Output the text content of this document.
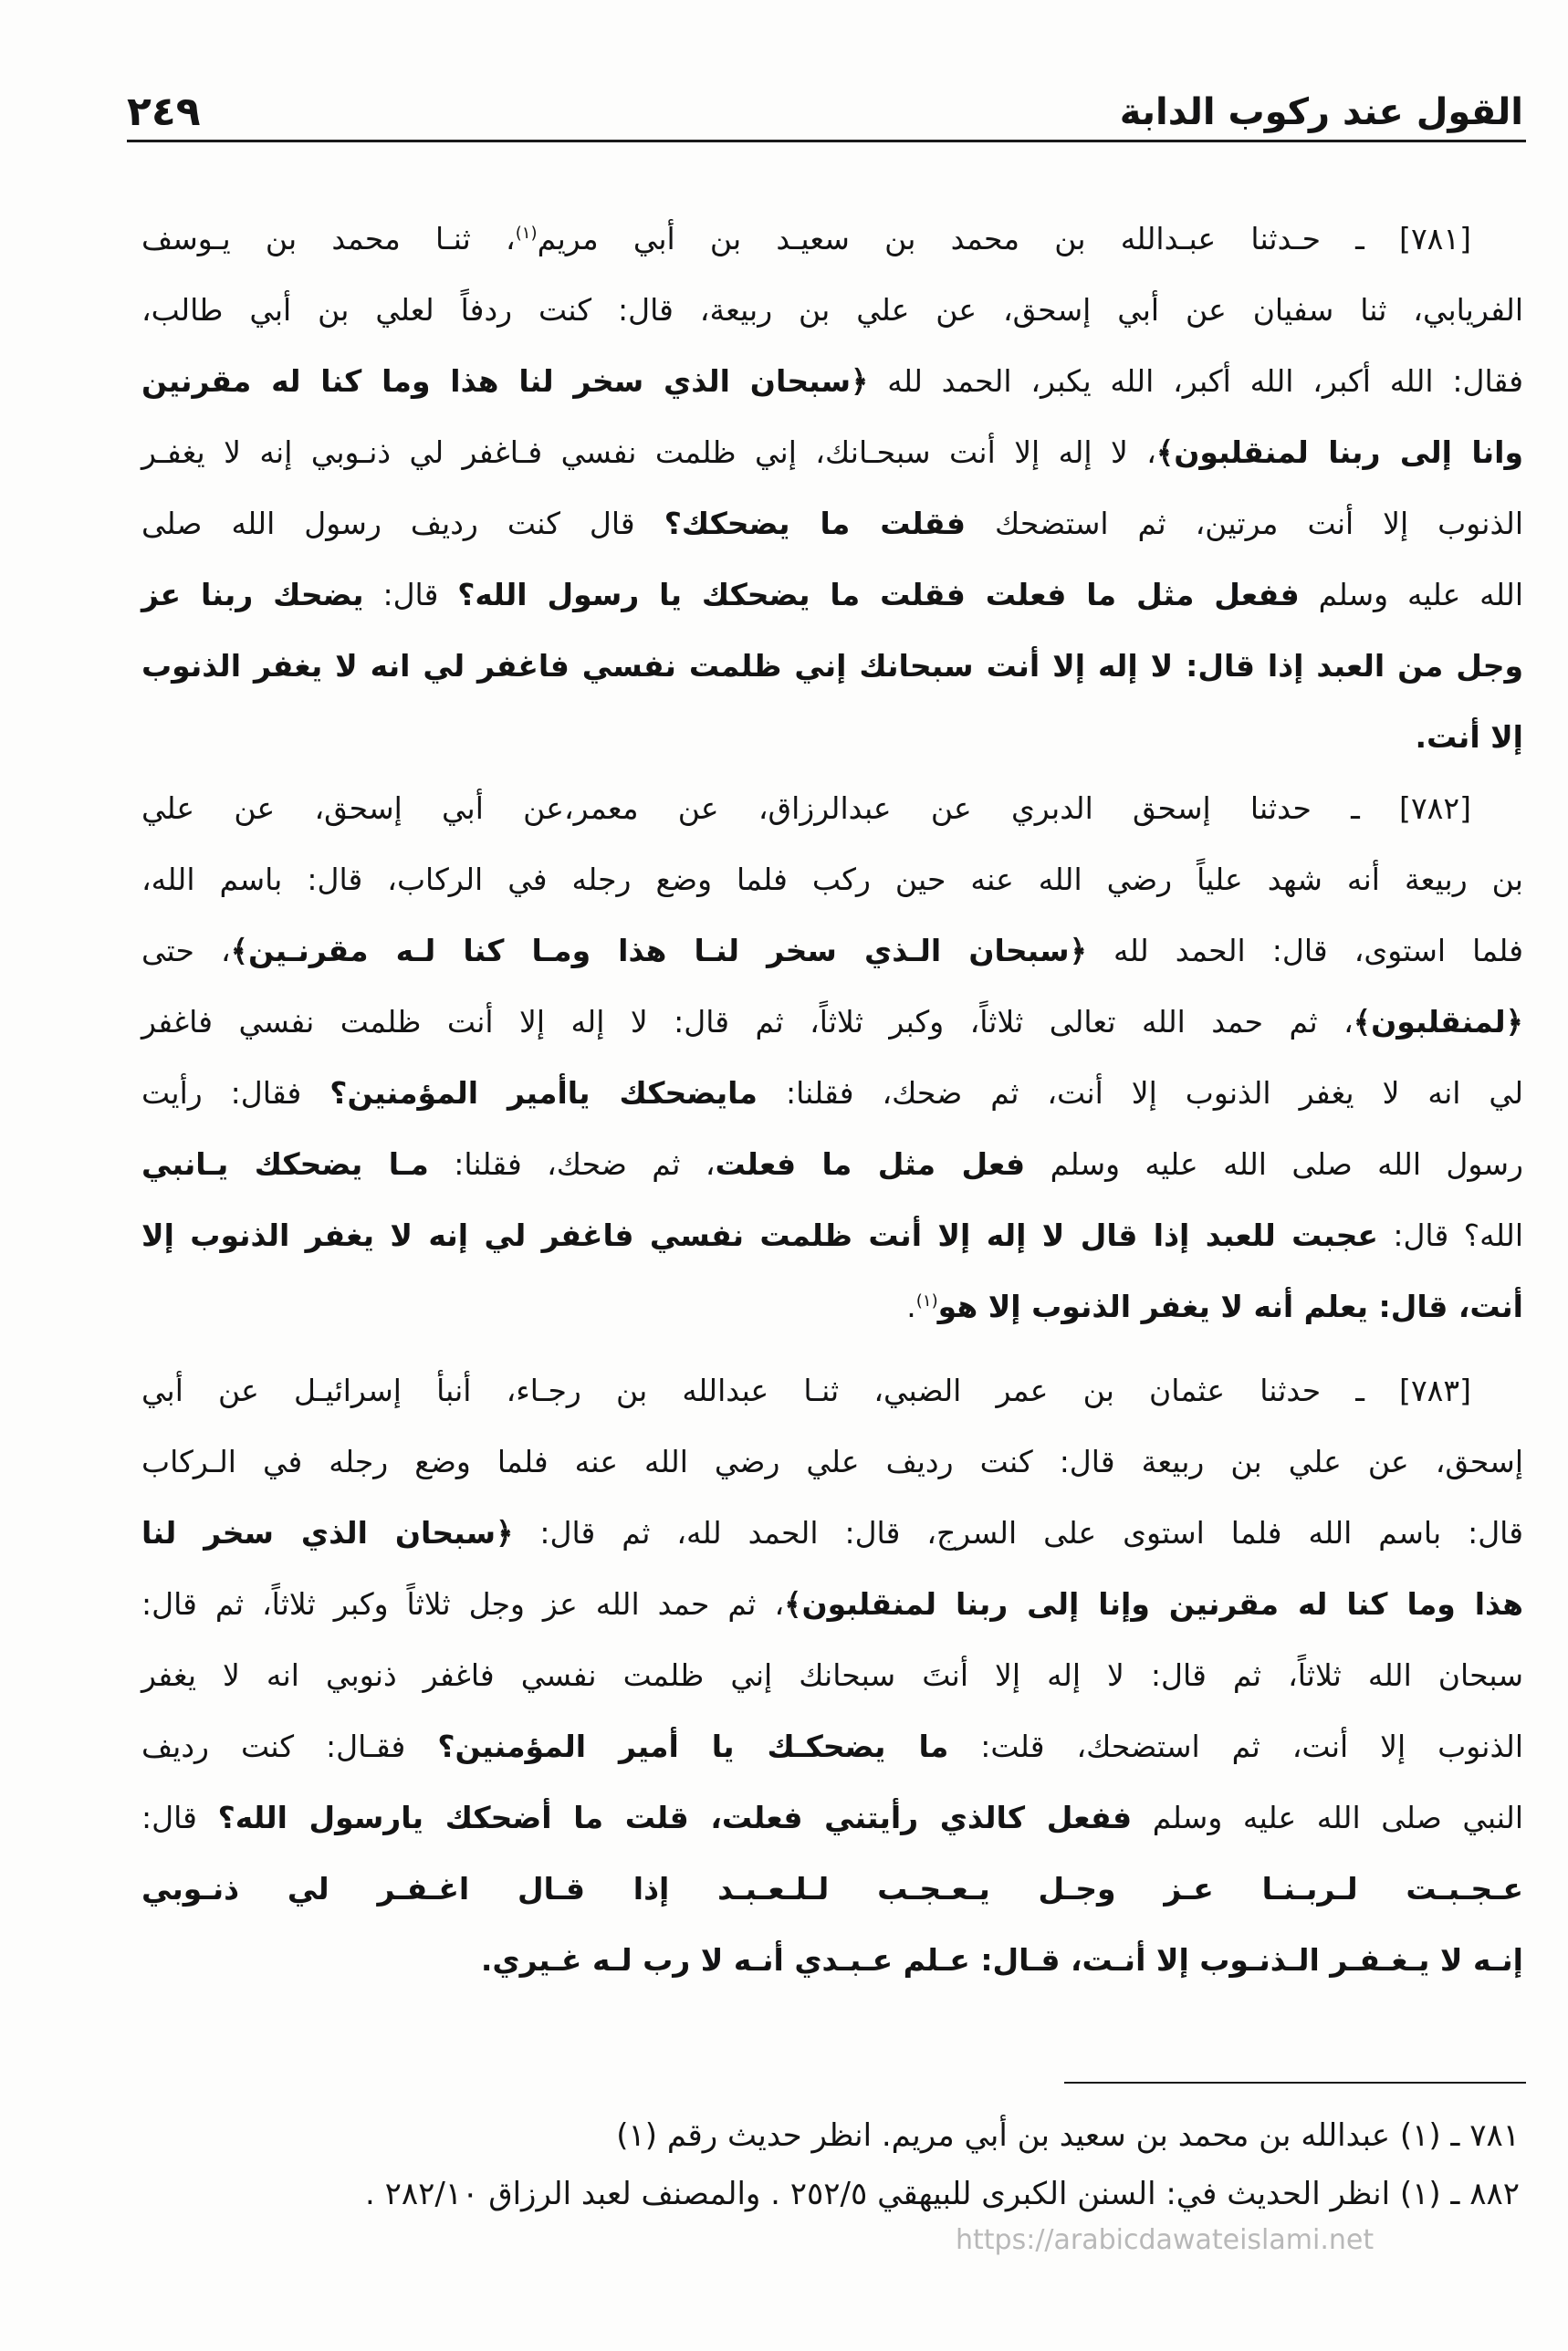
القول عند ركوب الدابة
٢٤٩
[٧٨١] ـ حـدثنا عبـدالله بن محمد بن سعيـد بن أبي مريم$^{(١)}$، ثنـا محمد بن يـوسف
الفريابي، ثنا سفيان عن أبي إسحق، عن علي بن ربيعة، قال: كنت ردفاً لعلي بن أبي طالب،
فقال: الله أكبر، الله أكبر، الله يكبر، الحمد لله ﴿سبحان الذي سخر لنا هذا وما كنا له مقرنين
وانا إلى ربنا لمنقلبون﴾، لا إله إلا أنت سبحـانك، إني ظلمت نفسي فـاغفر لي ذنـوبي إنه لا يغفـر
الذنوب إلا أنت مرتين، ثم استضحك فقلت ما يضحكك؟ قال كنت رديف رسول الله صلى
الله عليه وسلم ففعل مثل ما فعلت فقلت ما يضحكك يا رسول الله؟ قال: يضحك ربنا عز
وجل من العبد إذا قال: لا إله إلا أنت سبحانك إني ظلمت نفسي فاغفر لي انه لا يغفر الذنوب
إلا أنت.
[٧٨٢] ـ حدثنا إسحق الدبري عن عبدالرزاق، عن معمر،عن أبي إسحق، عن علي
بن ربيعة أنه شهد علياً رضي الله عنه حين ركب فلما وضع رجله في الركاب، قال: باسم الله،
فلما استوى، قال: الحمد لله ﴿سبحان الـذي سخر لنـا هذا ومـا كنا لـه مقرنـين﴾، حتى
﴿لمنقلبون﴾، ثم حمد الله تعالى ثلاثاً، وكبر ثلاثاً، ثم قال: لا إله إلا أنت ظلمت نفسي فاغفر
لي انه لا يغفر الذنوب إلا أنت، ثم ضحك، فقلنا: مايضحكك ياأمير المؤمنين؟ فقال: رأيت
رسول الله صلى الله عليه وسلم فعل مثل ما فعلت، ثم ضحك، فقلنا: مـا يضحكك يـانبي
الله؟ قال: عجبت للعبد إذا قال لا إله إلا أنت ظلمت نفسي فاغفر لي إنه لا يغفر الذنوب إلا
أنت، قال: يعلم أنه لا يغفر الذنوب إلا هو$^{(١)}$.
[٧٨٣] ـ حدثنا عثمان بن عمر الضبي، ثنـا عبدالله بن رجـاء، أنبأ إسرائيـل عن أبي
إسحق، عن علي بن ربيعة قال: كنت رديف علي رضي الله عنه فلما وضع رجله في الـركاب
قال: باسم الله فلما استوى على السرج، قال: الحمد لله، ثم قال: ﴿سبحان الذي سخر لنا
هذا وما كنا له مقرنين وإنا إلى ربنا لمنقلبون﴾، ثم حمد الله عز وجل ثلاثاً وكبر ثلاثاً، ثم قال:
سبحان الله ثلاثاً، ثم قال: لا إله إلا أنتَ سبحانك إني ظلمت نفسي فاغفر ذنوبي انه لا يغفر
الذنوب إلا أنت، ثم استضحك، قلت: ما يضحكـك يا أمير المؤمنين؟ فقـال: كنت رديف
النبي صلى الله عليه وسلم ففعل كالذي رأيتني فعلت، قلت ما أضحكك يارسول الله؟ قال:
عـجـبـت لـربـنـا عـز وجـل يـعـجـب لـلـعـبـد إذا قـال اغـفـر لي ذنـوبي
إنـه لا يـغـفـر الـذنـوب إلا أنـت، قـال: عـلم عـبـدي أنـه لا رب لـه غـيري.
٧٨١ ـ (١) عبدالله بن محمد بن سعيد بن أبي مريم. انظر حديث رقم (١)
٨٨٢ ـ (١) انظر الحديث في: السنن الكبرى للبيهقي ٢٥٢/٥ . والمصنف لعبد الرزاق ٢٨٢/١٠ .
https://arabicdawateislami.net
